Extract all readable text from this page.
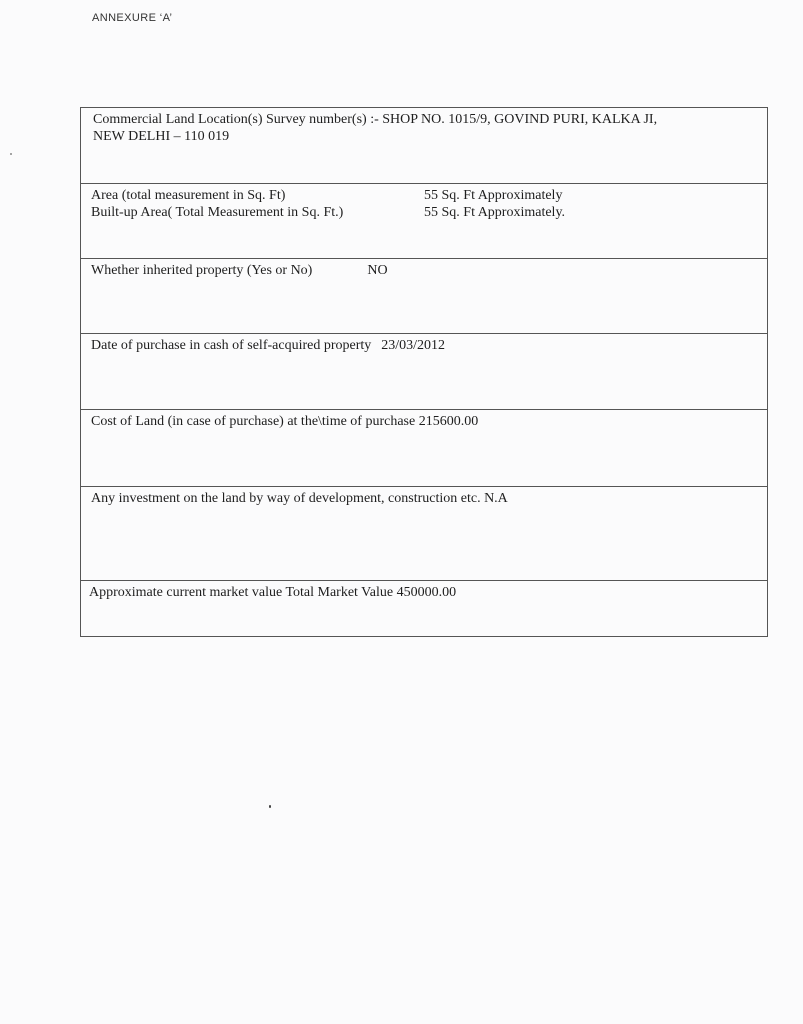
ANNEXURE ‘A’
Commercial Land Location(s) Survey number(s) :- SHOP NO. 1015/9, GOVIND PURI, KALKA JI,
NEW DELHI – 110 019
Area (total measurement in Sq. Ft)	55 Sq. Ft Approximately
Built-up Area( Total Measurement in Sq. Ft.)	55 Sq. Ft Approximately.
Whether inherited property (Yes or No)	NO
Date of purchase in cash of self-acquired property 23/03/2012
Cost of Land (in case of purchase) at the\time of purchase 215600.00
Any investment on the land by way of development, construction etc. N.A
Approximate current market value Total Market Value 450000.00
